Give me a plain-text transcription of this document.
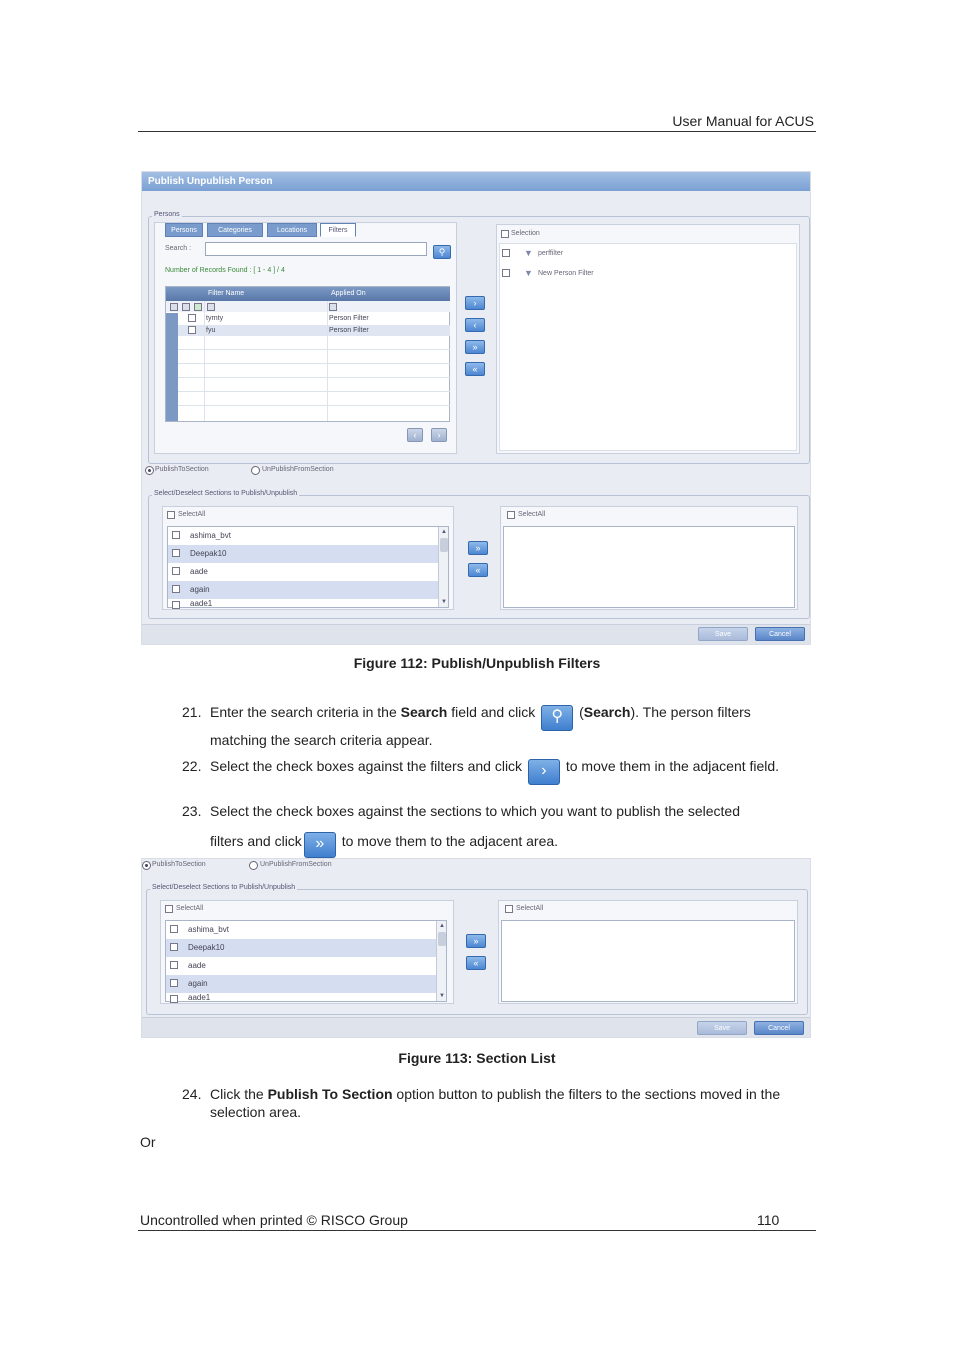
User Manual for ACUS
Publish Unpublish Person
Persons
Persons	Categories	Locations	Filters
Search :	⚲
Number of Records Found : [ 1 - 4 ] / 4
Filter Name	Applied On
tyrnty	Person Filter
fyu	Person Filter
‹	›
›
‹
»
«
Selection
▼ perffilter
▼ New Person Filter
PublishToSection	UnPublishFromSection
Select/Deselect Sections to Publish/Unpublish
SelectAll
ashima_bvt
Deepak10
aade
again
aade1
▲
▼
»
«
SelectAll
Save	Cancel
Figure 112: Publish/Unpublish Filters
21. Enter the search criteria in the Search field and click ⚲ (Search). The person filters matching the search criteria appear.
22. Select the check boxes against the filters and click › to move them in the adjacent field.
23. Select the check boxes against the sections to which you want to publish the selected
filters and click» to move them to the adjacent area.
PublishToSection	UnPublishFromSection
Select/Deselect Sections to Publish/Unpublish
SelectAll
ashima_bvt
Deepak10
aade
again
aade1
▲
▼
»
«
SelectAll
Save	Cancel
Figure 113: Section List
24. Click the Publish To Section option button to publish the filters to the sections moved in the selection area.
Or
Uncontrolled when printed © RISCO Group	110
